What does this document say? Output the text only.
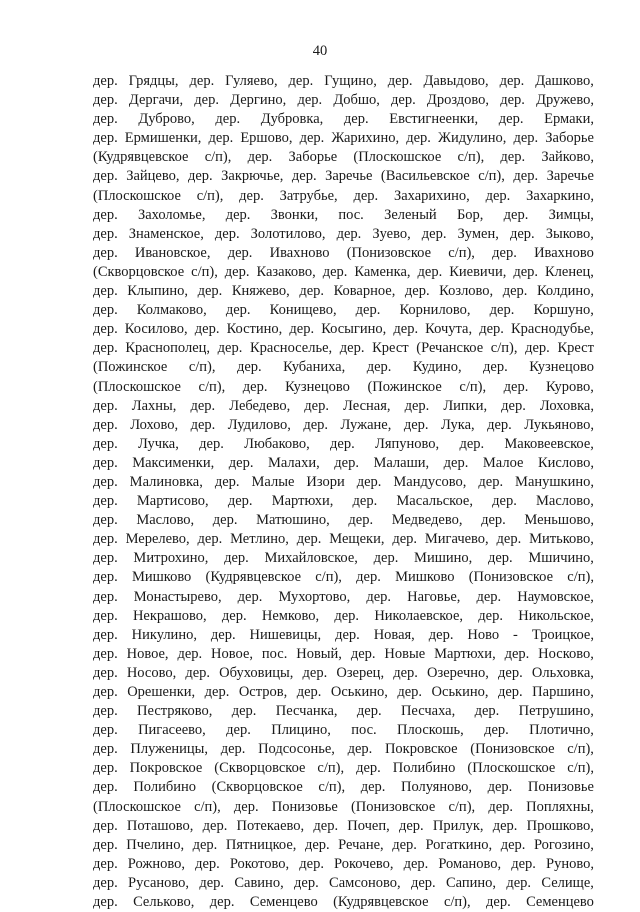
40
дер. Грядцы, дер. Гуляево, дер. Гущино, дер. Давыдово, дер. Дашково,
дер. Дергачи, дер. Дергино, дер. Добшо, дер. Дроздово, дер. Дружево,
дер. Дуброво, дер. Дубровка, дер. Евстигнеенки, дер. Ермаки,
дер. Ермишенки, дер. Ершово, дер. Жарихино, дер. Жидулино, дер. Заборье
(Кудрявцевское с/п), дер. Заборье (Плоскошское с/п), дер. Зайково,
дер. Зайцево, дер. Закрючье, дер. Заречье (Васильевское с/п), дер. Заречье
(Плоскошское с/п), дер. Затрубье, дер. Захарихино, дер. Захаркино,
дер. Захоломье, дер. Звонки, пос. Зеленый Бор, дер. Зимцы,
дер. Знаменское, дер. Золотилово, дер. Зуево, дер. Зумен, дер. Зыково,
дер. Ивановское, дер. Ивахново (Понизовское с/п), дер. Ивахново
(Скворцовское с/п), дер. Казаково, дер. Каменка, дер. Киевичи, дер. Кленец,
дер. Клыпино, дер. Княжево, дер. Коварное, дер. Козлово, дер. Колдино,
дер. Колмаково, дер. Конищево, дер. Корнилово, дер. Коршуно,
дер. Косилово, дер. Костино, дер. Косыгино, дер. Кочута, дер. Краснодубье,
дер. Краснополец, дер. Красноселье, дер. Крест (Речанское с/п), дер. Крест
(Пожинское с/п), дер. Кубаниха, дер. Кудино, дер. Кузнецово
(Плоскошское с/п), дер. Кузнецово (Пожинское с/п), дер. Курово,
дер. Лахны, дер. Лебедево, дер. Лесная, дер. Липки, дер. Лоховка,
дер. Лохово, дер. Лудилово, дер. Лужане, дер. Лука, дер. Лукьяново,
дер. Лучка, дер. Любаково, дер. Ляпуново, дер. Маковеевское,
дер. Максименки, дер. Малахи, дер. Малаши, дер. Малое Кислово,
дер. Малиновка, дер. Малые Изори дер. Мандусово, дер. Манушкино,
дер. Мартисово, дер. Мартюхи, дер. Масальское, дер. Маслово,
дер. Маслово, дер. Матюшино, дер. Медведево, дер. Меньшово,
дер. Мерелево, дер. Метлино, дер. Мещеки, дер. Мигачево, дер. Митьково,
дер. Митрохино, дер. Михайловское, дер. Мишино, дер. Мшичино,
дер. Мишково (Кудрявцевское с/п), дер. Мишково (Понизовское с/п),
дер. Монастырево, дер. Мухортово, дер. Наговье, дер. Наумовское,
дер. Некрашово, дер. Немково, дер. Николаевское, дер. Никольское,
дер. Никулино, дер. Нишевицы, дер. Новая, дер. Ново - Троицкое,
дер. Новое, дер. Новое, пос. Новый, дер. Новые Мартюхи, дер. Носково,
дер. Носово, дер. Обуховицы, дер. Озерец, дер. Озеречно, дер. Ольховка,
дер. Орешенки, дер. Остров, дер. Оськино, дер. Оськино, дер. Паршино,
дер. Пестряково, дер. Песчанка, дер. Песчаха, дер. Петрушино,
дер. Пигасеево, дер. Плицино, пос. Плоскошь, дер. Плотично,
дер. Плуженицы, дер. Подсосонье, дер. Покровское (Понизовское с/п),
дер. Покровское (Скворцовское с/п), дер. Полибино (Плоскошское с/п),
дер. Полибино (Скворцовское с/п), дер. Полуяново, дер. Понизовье
(Плоскошское с/п), дер. Понизовье (Понизовское с/п), дер. Попляхны,
дер. Поташово, дер. Потекаево, дер. Почеп, дер. Прилук, дер. Прошково,
дер. Пчелино, дер. Пятницкое, дер. Речане, дер. Рогаткино, дер. Рогозино,
дер. Рожново, дер. Рокотово, дер. Рокочево, дер. Романово, дер. Руново,
дер. Русаново, дер. Савино, дер. Самсоново, дер. Сапино, дер. Селище,
дер. Сельково, дер. Семенцево (Кудрявцевское с/п), дер. Семенцево
